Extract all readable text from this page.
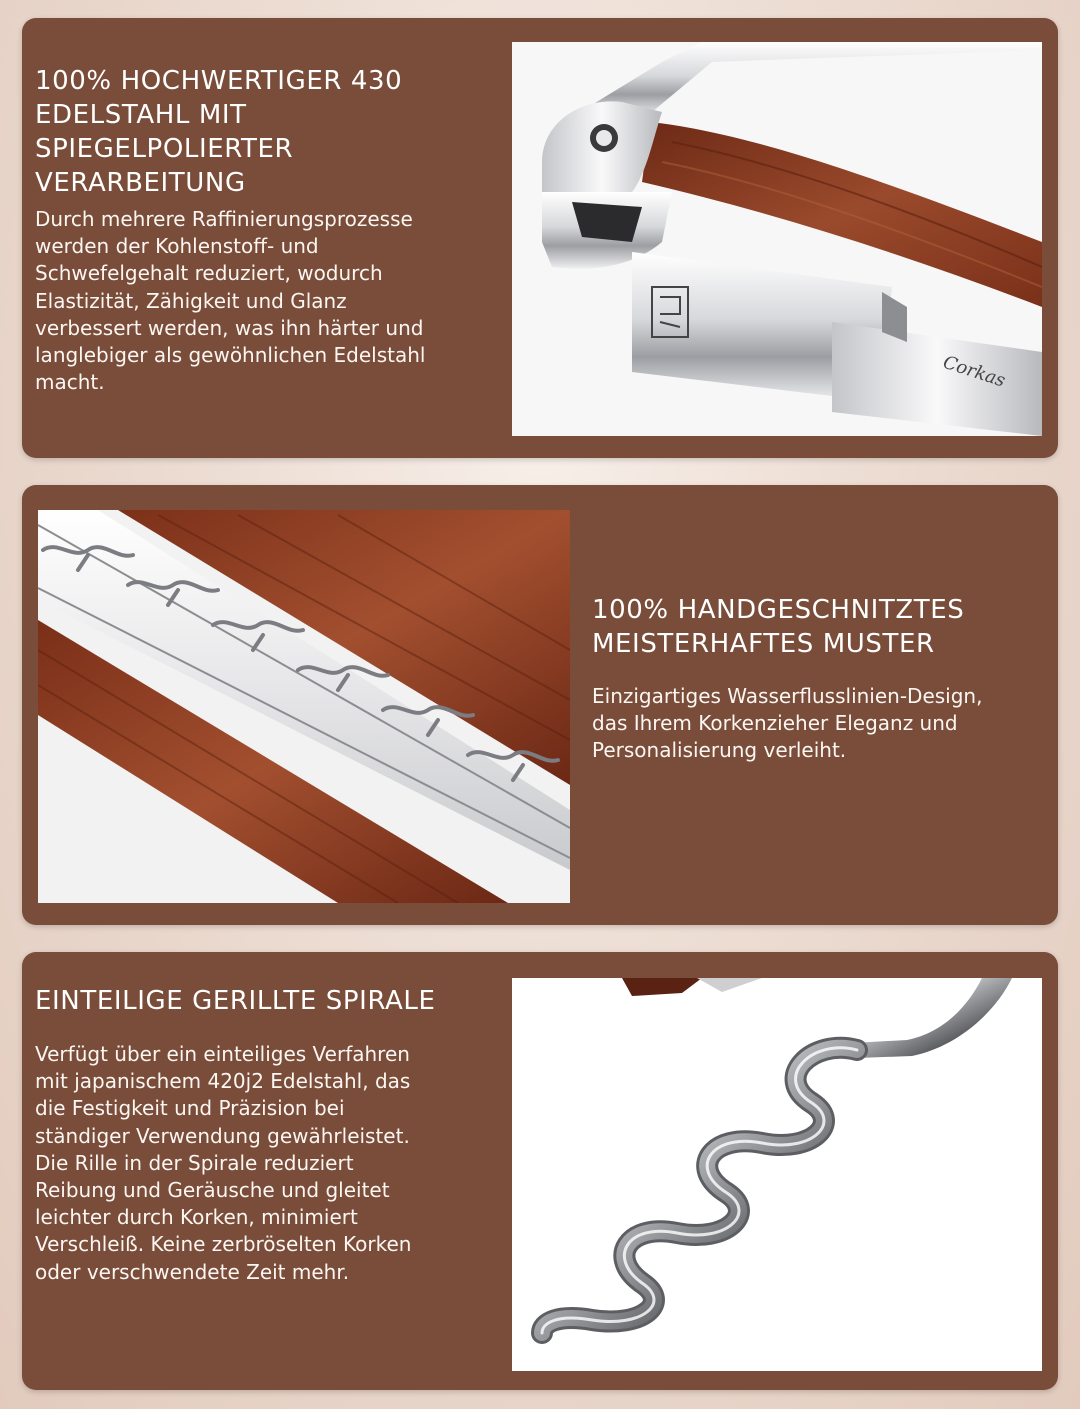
100% HOCHWERTIGER 430
EDELSTAHL MIT
SPIEGELPOLIERTER
VERARBEITUNG

Durch mehrere Raffinierungsprozesse
werden der Kohlenstoff- und
Schwefelgehalt reduziert, wodurch
Elastizität, Zähigkeit und Glanz
verbessert werden, was ihn härter und
langlebiger als gewöhnlichen Edelstahl
macht.	Corkas
100% HANDGESCHNITZTES
MEISTERHAFTES MUSTER

Einzigartiges Wasserflusslinien-Design,
das Ihrem Korkenzieher Eleganz und
Personalisierung verleiht.

EINTEILIGE GERILLTE SPIRALE

Verfügt über ein einteiliges Verfahren
mit japanischem 420j2 Edelstahl, das
die Festigkeit und Präzision bei
ständiger Verwendung gewährleistet.
Die Rille in der Spirale reduziert
Reibung und Geräusche und gleitet
leichter durch Korken, minimiert
Verschleiß. Keine zerbröselten Korken
oder verschwendete Zeit mehr.
